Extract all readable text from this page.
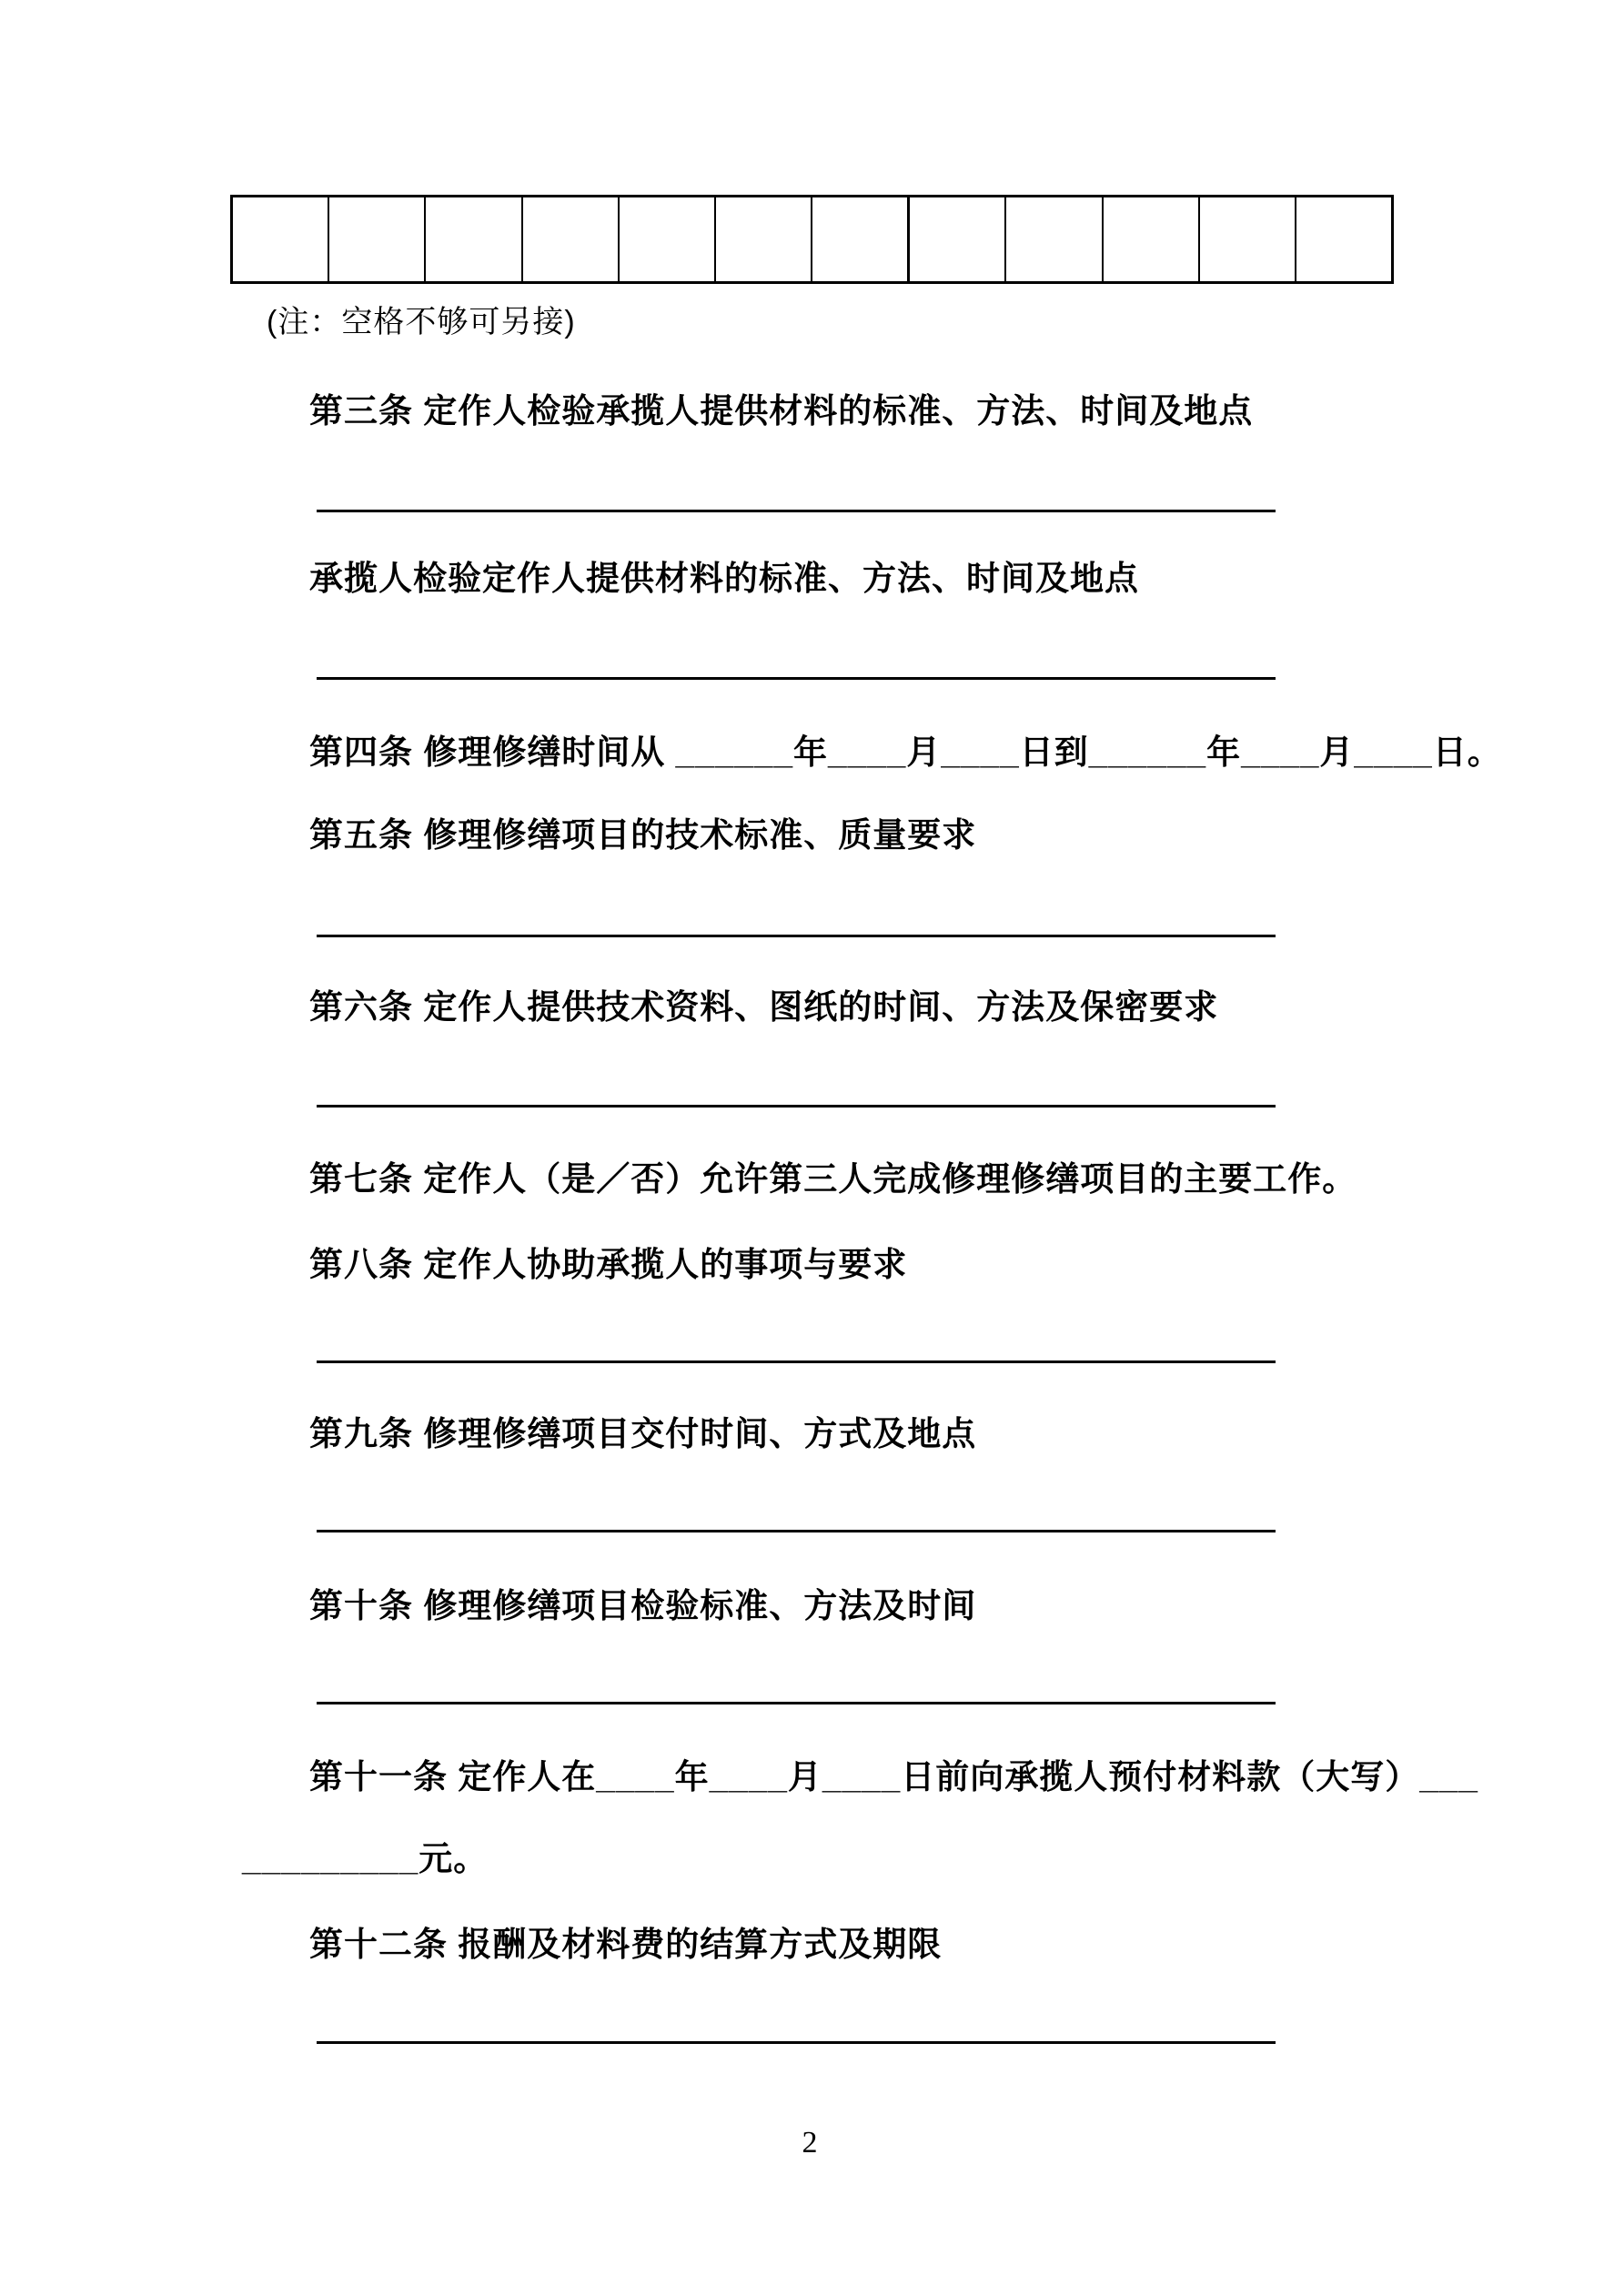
(注：空格不够可另接)
第三条 定作人检验承揽人提供材料的标准、方法、时间及地点
承揽人检验定作人提供材料的标准、方法、时间及地点
第四条 修理修缮时间从 ______年____月____日到______年____月____日。
第五条 修理修缮项目的技术标准、质量要求
第六条 定作人提供技术资料、图纸的时间、方法及保密要求
第七条 定作人（是／否）允许第三人完成修理修缮项目的主要工作。
第八条 定作人协助承揽人的事项与要求
第九条 修理修缮项目交付时间、方式及地点
第十条 修理修缮项目检验标准、方法及时间
第十一条 定作人在____年____月____日前向承揽人预付材料款（大写）___
_________元。
第十二条 报酬及材料费的结算方式及期限
2
